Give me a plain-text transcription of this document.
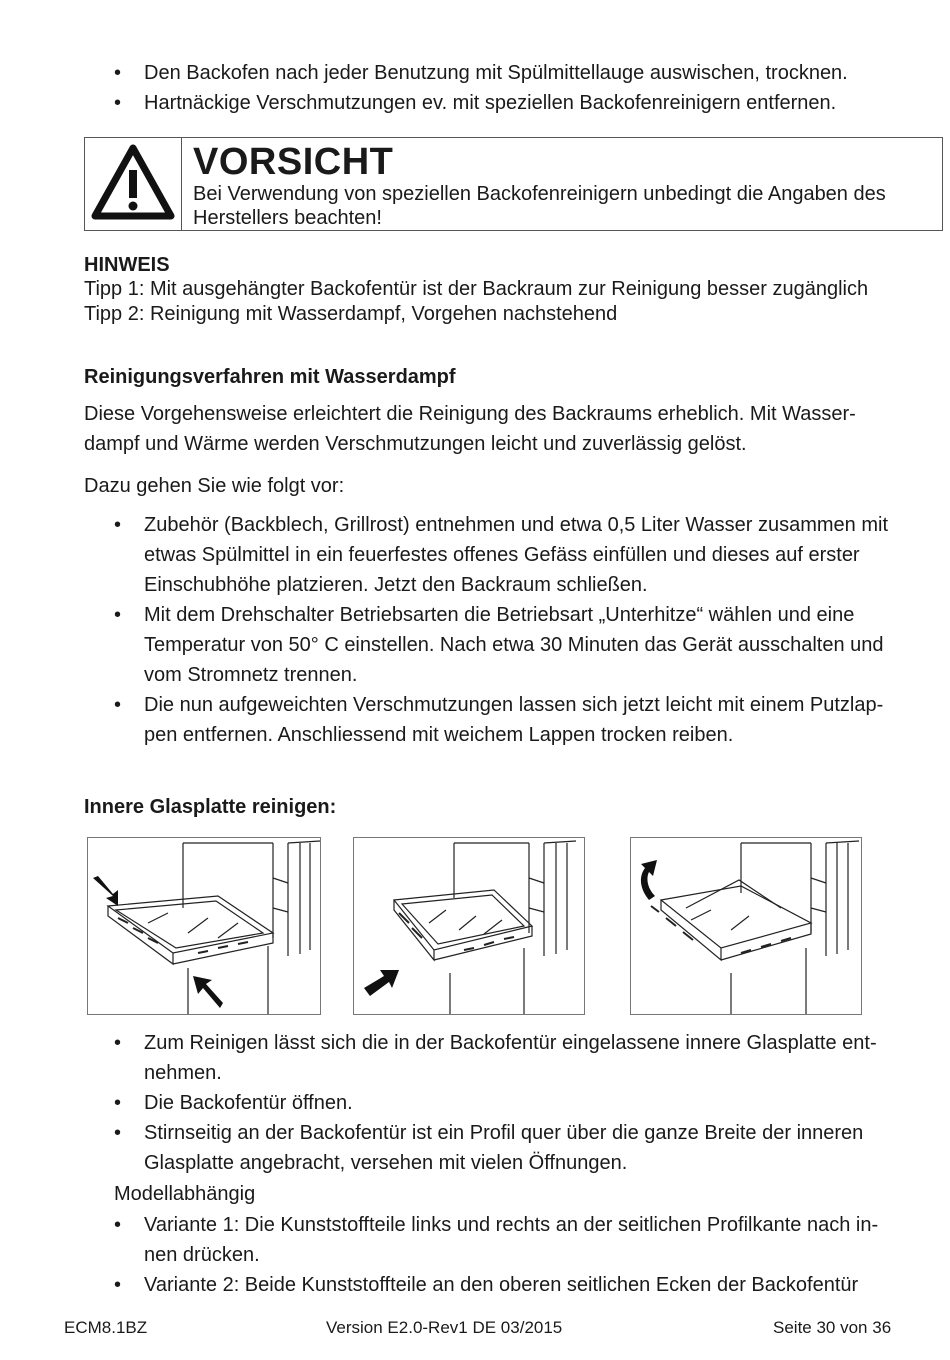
• Den Backofen nach jeder Benutzung mit Spülmittellauge auswischen, trocknen.
• Hartnäckige Verschmutzungen ev. mit speziellen Backofenreinigern entfernen.
VORSICHT
Bei Verwendung von speziellen Backofenreinigern unbedingt die Angaben des Herstellers beachten!
HINWEIS
Tipp 1: Mit ausgehängter Backofentür ist der Backraum zur Reinigung besser zugänglich
Tipp 2: Reinigung mit Wasserdampf, Vorgehen nachstehend
Reinigungsverfahren mit Wasserdampf
Diese Vorgehensweise erleichtert die Reinigung des Backraums erheblich. Mit Wasser-
dampf und Wärme werden Verschmutzungen leicht und zuverlässig gelöst.
Dazu gehen Sie wie folgt vor:
• Zubehör (Backblech, Grillrost) entnehmen und etwa 0,5 Liter Wasser zusammen mit
etwas Spülmittel in ein feuerfestes offenes Gefäss einfüllen und dieses auf erster
Einschubhöhe platzieren. Jetzt den Backraum schließen.
• Mit dem Drehschalter Betriebsarten die Betriebsart „Unterhitze“ wählen und eine
Temperatur von 50° C einstellen. Nach etwa 30 Minuten das Gerät ausschalten und
vom Stromnetz trennen.
• Die nun aufgeweichten Verschmutzungen lassen sich jetzt leicht mit einem Putzlap-
pen entfernen. Anschliessend mit weichem Lappen trocken reiben.
Innere Glasplatte reinigen:
• Zum Reinigen lässt sich die in der Backofentür eingelassene innere Glasplatte ent-
nehmen.
• Die Backofentür öffnen.
• Stirnseitig an der Backofentür ist ein Profil quer über die ganze Breite der inneren
Glasplatte angebracht, versehen mit vielen Öffnungen.
Modellabhängig
• Variante 1: Die Kunststoffteile links und rechts an der seitlichen Profilkante nach in-
nen drücken.
• Variante 2: Beide Kunststoffteile an den oberen seitlichen Ecken der Backofentür
ECM8.1BZ	Version E2.0-Rev1 DE 03/2015	Seite 30 von 36
